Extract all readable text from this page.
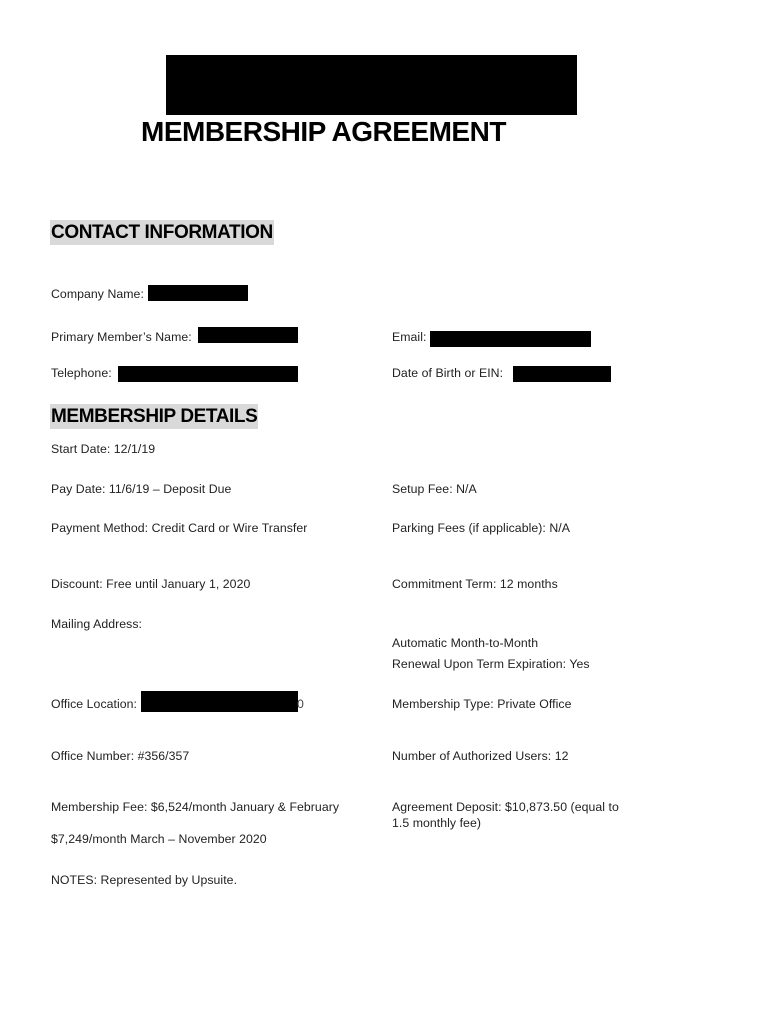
MEMBERSHIP AGREEMENT
CONTACT INFORMATION
Company Name:
Primary Member’s Name:	Email:
Telephone:	Date of Birth or EIN:
MEMBERSHIP DETAILS
Start Date: 12/1/19
Pay Date: 11/6/19 – Deposit Due	Setup Fee: N/A
Payment Method: Credit Card or Wire Transfer	Parking Fees (if applicable): N/A
Discount: Free until January 1, 2020	Commitment Term: 12 months
Mailing Address:
Automatic Month-to-Month
Renewal Upon Term Expiration: Yes
Office Location:	0	Membership Type: Private Office
Office Number: #356/357	Number of Authorized Users: 12
Membership Fee: $6,524/month January & February	Agreement Deposit: $10,873.50 (equal to
1.5 monthly fee)
$7,249/month March – November 2020
NOTES: Represented by Upsuite.
